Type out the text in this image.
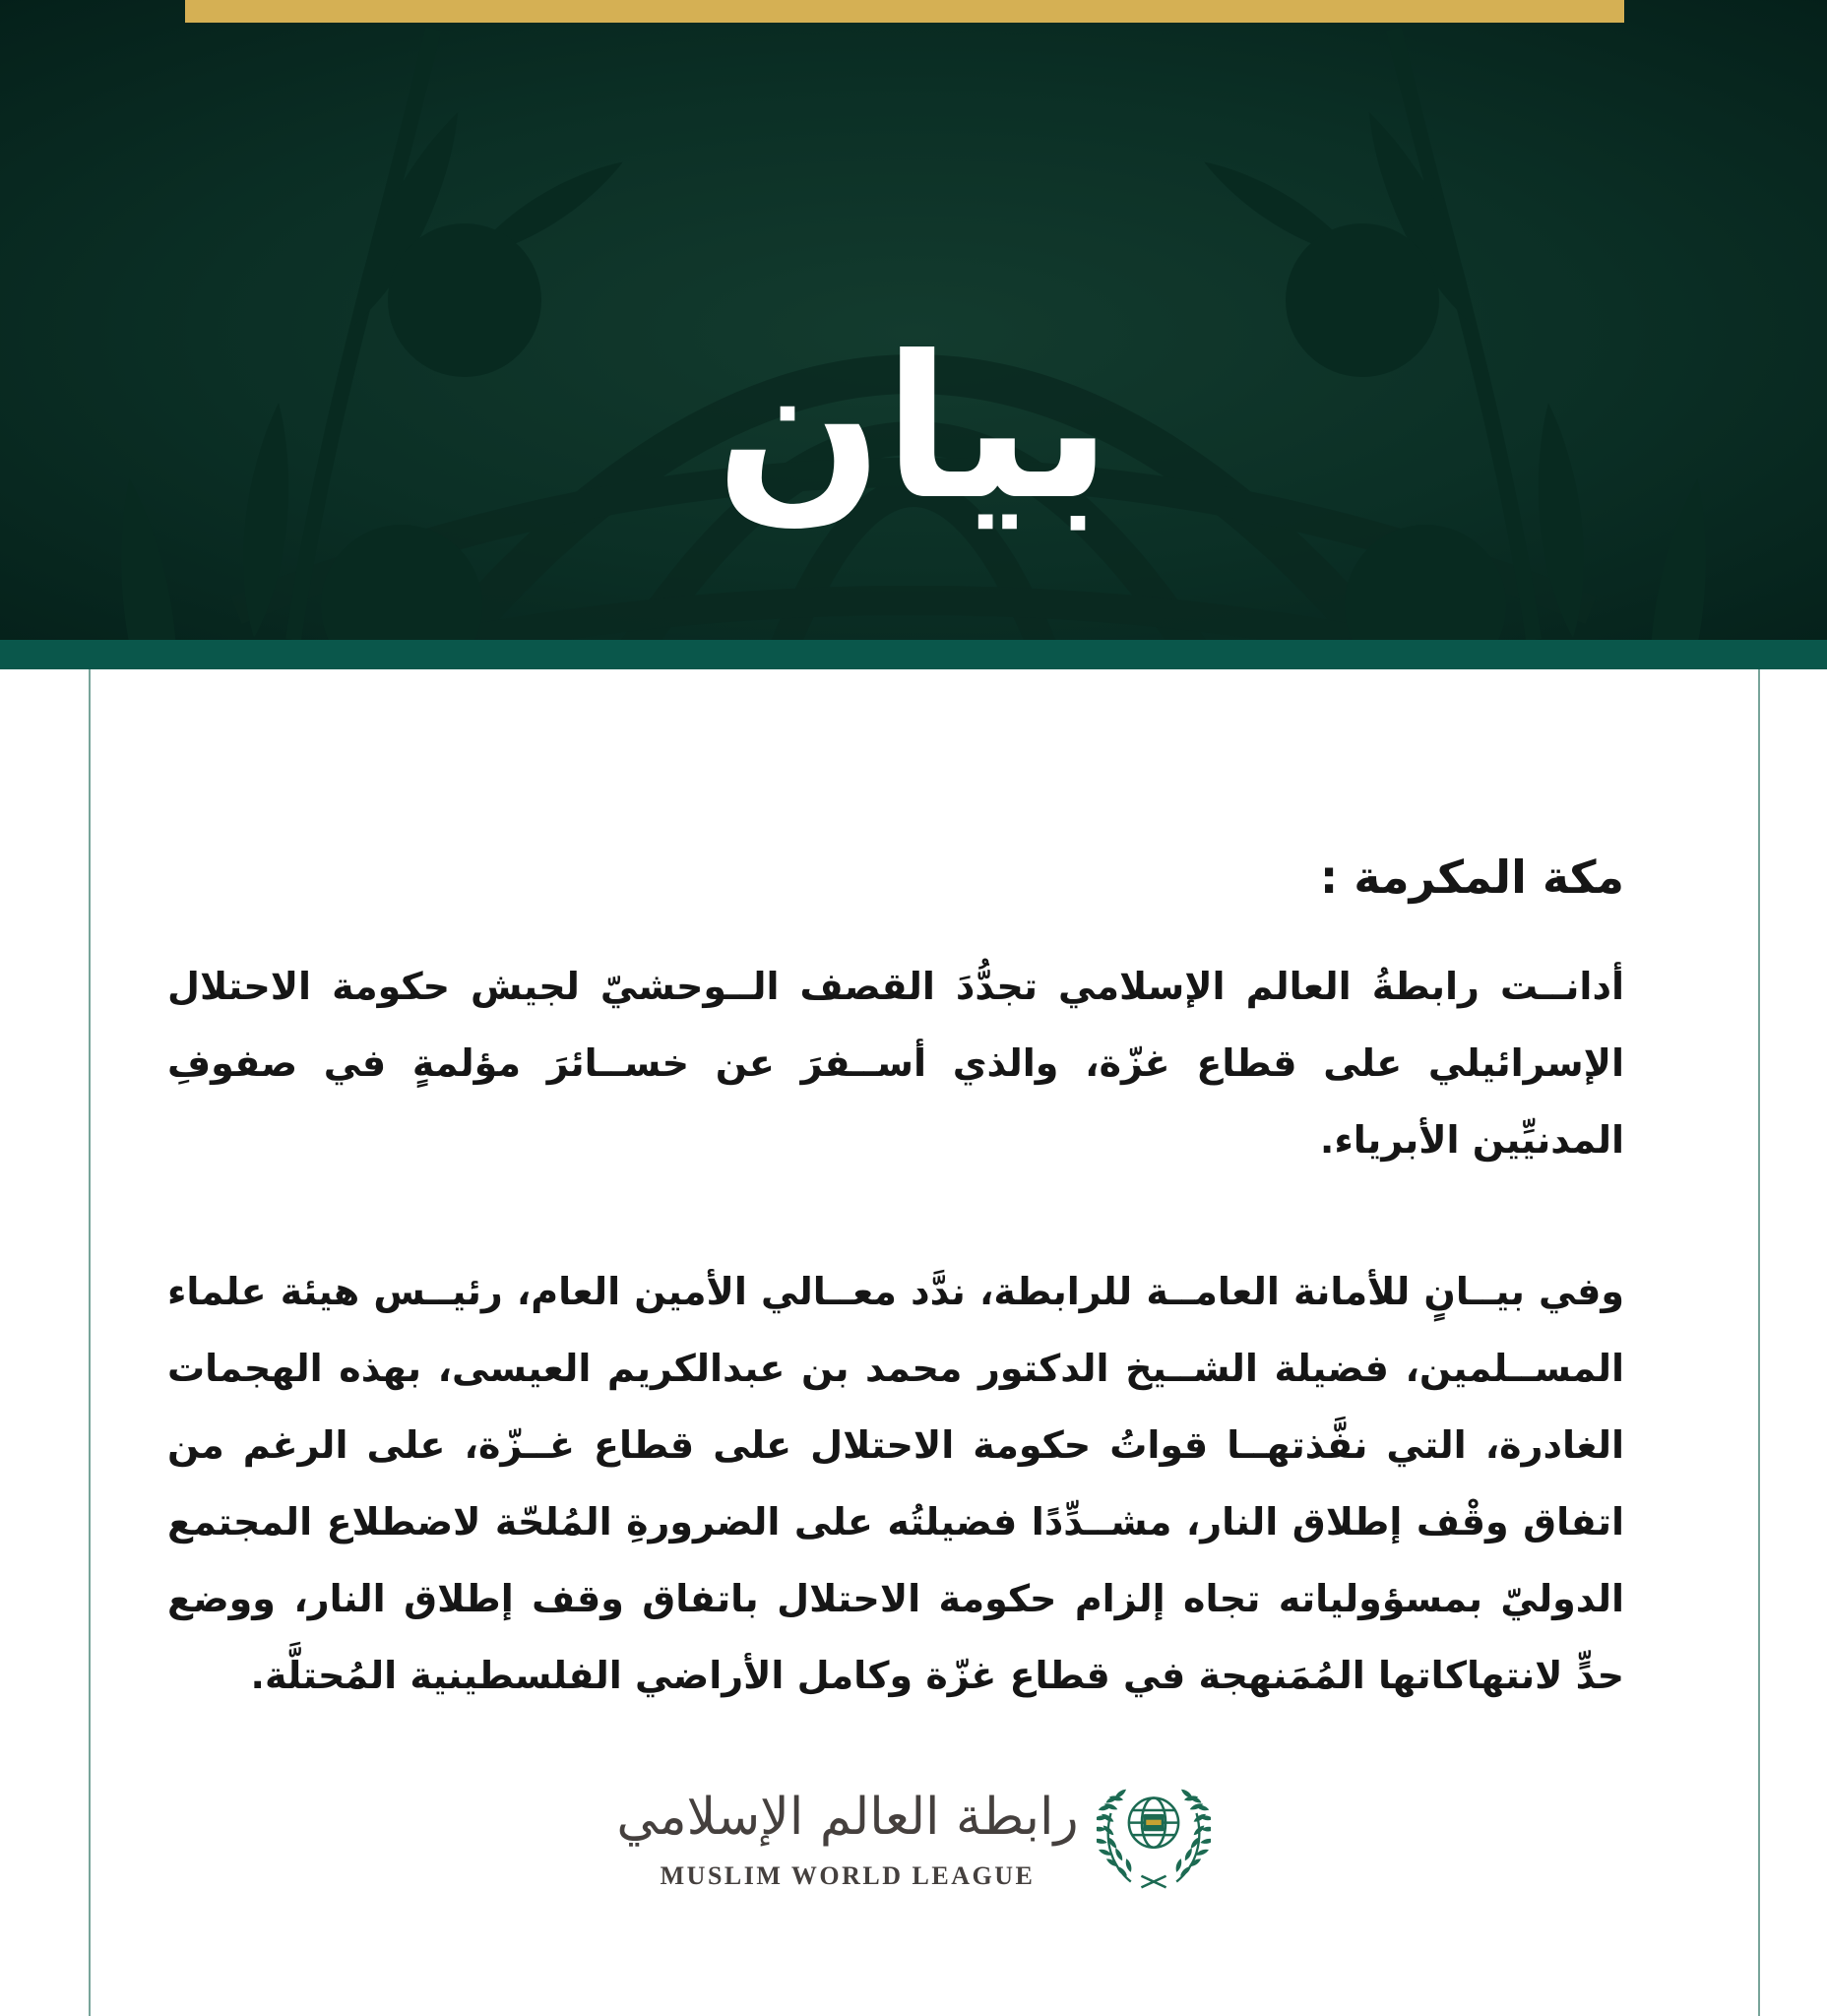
بيان
مكة المكرمة :

أدانــت رابطةُ العالم الإسلامي تجدُّدَ القصف الــوحشيّ لجيش حكومة الاحتلال الإسرائيلي على قطاع غزّة، والذي أســفرَ عن خســائرَ مؤلمةٍ في صفوفِ المدنيِّين الأبرياء.

وفي بيــانٍ للأمانة العامــة للرابطة، ندَّد معــالي الأمين العام، رئيــس هيئة علماء المســلمين، فضيلة الشــيخ الدكتور محمد بن عبدالكريم العيسى، بهذه الهجمات الغادرة، التي نفَّذتهــا قواتُ حكومة الاحتلال على قطاع غــزّة، على الرغم من اتفاق وقْف إطلاق النار، مشــدِّدًا فضيلتُه على الضرورةِ المُلحّة لاضطلاع المجتمع الدوليّ بمسؤولياته تجاه إلزام حكومة الاحتلال باتفاق وقف إطلاق النار، ووضع حدٍّ لانتهاكاتها المُمَنهجة في قطاع غزّة وكامل الأراضي الفلسطينية المُحتلَّة.

رابطة العالم الإسلامي
MUSLIM WORLD LEAGUE
